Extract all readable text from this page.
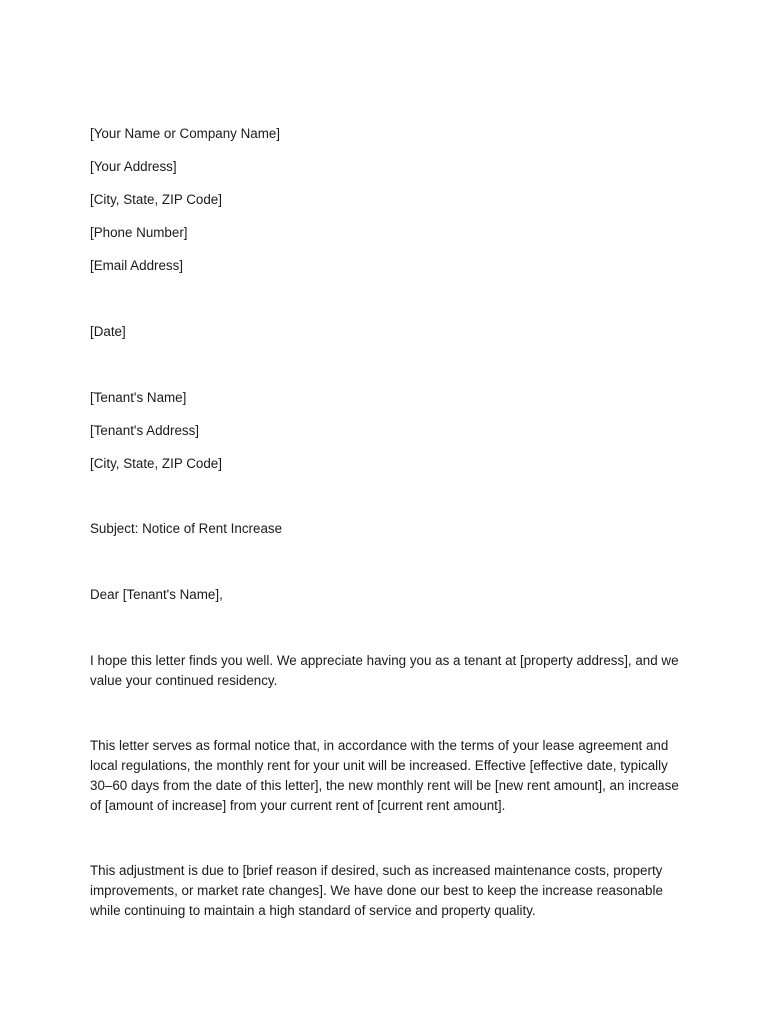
[Your Name or Company Name]

[Your Address]

[City, State, ZIP Code]

[Phone Number]

[Email Address]

[Date]

[Tenant's Name]

[Tenant's Address]

[City, State, ZIP Code]

Subject: Notice of Rent Increase

Dear [Tenant's Name],

I hope this letter finds you well. We appreciate having you as a tenant at [property address], and we value your continued residency.

This letter serves as formal notice that, in accordance with the terms of your lease agreement and local regulations, the monthly rent for your unit will be increased. Effective [effective date, typically 30–60 days from the date of this letter], the new monthly rent will be [new rent amount], an increase of [amount of increase] from your current rent of [current rent amount].

This adjustment is due to [brief reason if desired, such as increased maintenance costs, property improvements, or market rate changes]. We have done our best to keep the increase reasonable while continuing to maintain a high standard of service and property quality.
